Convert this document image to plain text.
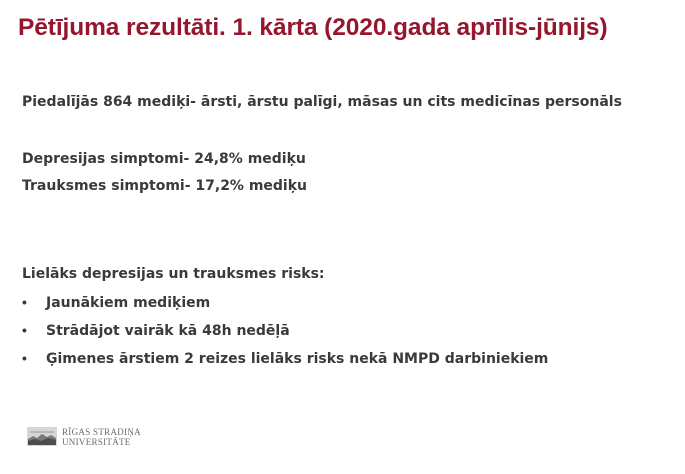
Pētījuma rezultāti. 1. kārta (2020.gada aprīlis-jūnijs)
Piedalījās 864 mediķi- ārsti, ārstu palīgi, māsas un cits medicīnas personāls
Depresijas simptomi- 24,8% mediķu
Trauksmes simptomi- 17,2% mediķu
Lielāks depresijas un trauksmes risks:
• Jaunākiem mediķiem
• Strādājot vairāk kā 48h nedēļā
• Ģimenes ārstiem 2 reizes lielāks risks nekā NMPD darbiniekiem
RĪGAS STRADIŅA
UNIVERSITĀTE
